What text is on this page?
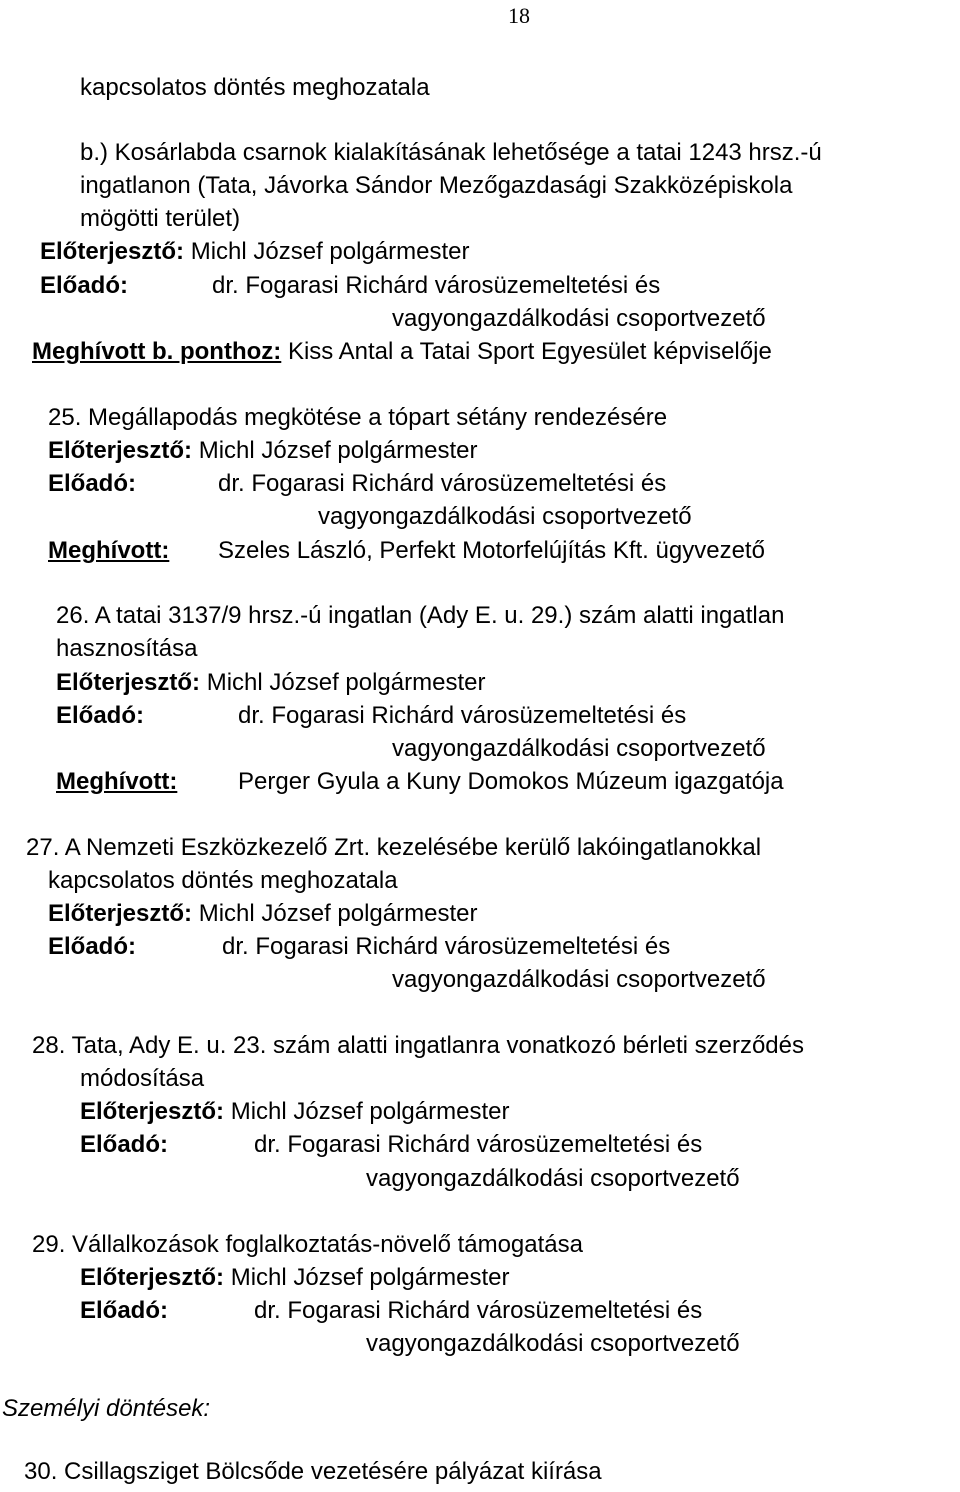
18
kapcsolatos döntés meghozatala
b.) Kosárlabda csarnok kialakításának lehetősége a tatai 1243 hrsz.-ú
ingatlanon (Tata, Jávorka Sándor Mezőgazdasági Szakközépiskola
mögötti terület)
Előterjesztő: Michl József polgármester
Előadó:	dr. Fogarasi Richárd városüzemeltetési és
vagyongazdálkodási csoportvezető
Meghívott b. ponthoz: Kiss Antal a Tatai Sport Egyesület képviselője
25. Megállapodás megkötése a tópart sétány rendezésére
Előterjesztő: Michl József polgármester
Előadó:	dr. Fogarasi Richárd városüzemeltetési és
vagyongazdálkodási csoportvezető
Meghívott: Szeles László, Perfekt Motorfelújítás Kft. ügyvezető
26. A tatai 3137/9 hrsz.-ú ingatlan (Ady E. u. 29.) szám alatti ingatlan
hasznosítása
Előterjesztő: Michl József polgármester
Előadó:	dr. Fogarasi Richárd városüzemeltetési és
vagyongazdálkodási csoportvezető
Meghívott:	Perger Gyula a Kuny Domokos Múzeum igazgatója
27. A Nemzeti Eszközkezelő Zrt. kezelésébe kerülő lakóingatlanokkal
kapcsolatos döntés meghozatala
Előterjesztő: Michl József polgármester
Előadó:	dr. Fogarasi Richárd városüzemeltetési és
vagyongazdálkodási csoportvezető
28. Tata, Ady E. u. 23. szám alatti ingatlanra vonatkozó bérleti szerződés
módosítása
Előterjesztő: Michl József polgármester
Előadó:	dr. Fogarasi Richárd városüzemeltetési és
vagyongazdálkodási csoportvezető
29. Vállalkozások foglalkoztatás-növelő támogatása
Előterjesztő: Michl József polgármester
Előadó:	dr. Fogarasi Richárd városüzemeltetési és
vagyongazdálkodási csoportvezető
Személyi döntések:
30. Csillagsziget Bölcsőde vezetésére pályázat kiírása
